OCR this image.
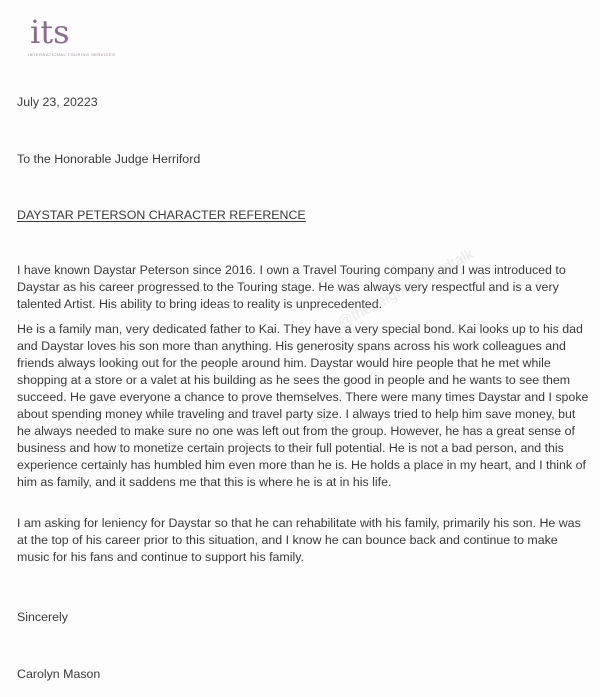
its
INTERNATIONAL TOURING SERVICES
July 23, 20223
To the Honorable Judge Herriford
DAYSTAR PETERSON CHARACTER REFERENCE
I have known Daystar Peterson since 2016. I own a Travel Touring company and I was introduced to Daystar as his career progressed to the Touring stage. He was always very respectful and is a very talented Artist. His ability to bring ideas to reality is unprecedented.
He is a family man, very dedicated father to Kai. They have a very special bond. Kai looks up to his dad and Daystar loves his son more than anything. His generosity spans across his work colleagues and friends always looking out for the people around him. Daystar would hire people that he met while shopping at a store or a valet at his building as he sees the good in people and he wants to see them succeed. He gave everyone a chance to prove themselves. There were many times Daystar and I spoke about spending money while traveling and travel party size. I always tried to help him save money, but he always needed to make sure no one was left out from the group. However, he has a great sense of business and how to monetize certain projects to their full potential. He is not a bad person, and this experience certainly has humbled him even more than he is. He holds a place in my heart, and I think of him as family, and it saddens me that this is where he is at in his life.
I am asking for leniency for Daystar so that he can rehabilitate with his family, primarily his son. He was at the top of his career prior to this situation, and I know he can bounce back and continue to make music for his fans and continue to support his family.
Sincerely
Carolyn Mason
@theneighborhoodtalk
